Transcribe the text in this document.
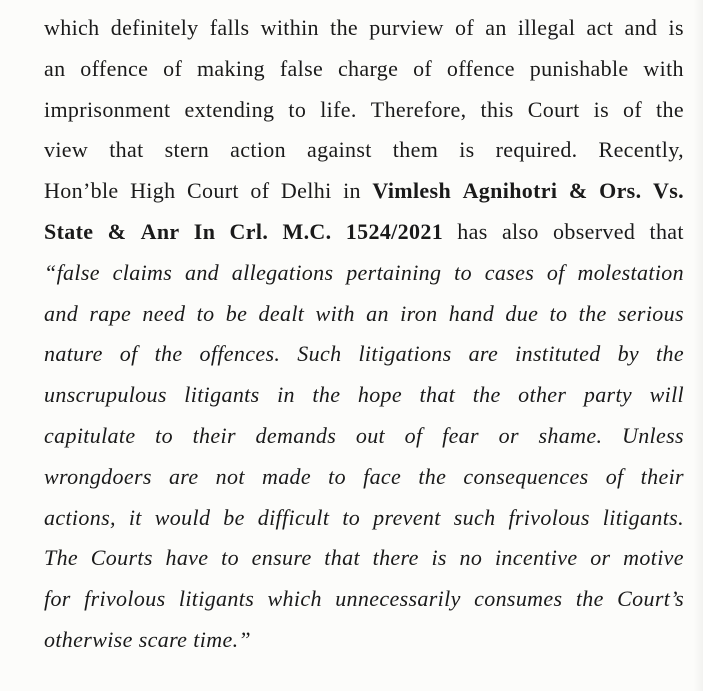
which definitely falls within the purview of an illegal act and is
an offence of making false charge of offence punishable with
imprisonment extending to life. Therefore, this Court is of the
view that stern action against them is required. Recently,
Hon’ble High Court of Delhi in Vimlesh Agnihotri & Ors. Vs.
State & Anr In Crl. M.C. 1524/2021 has also observed that
“false claims and allegations pertaining to cases of molestation
and rape need to be dealt with an iron hand due to the serious
nature of the offences. Such litigations are instituted by the
unscrupulous litigants in the hope that the other party will
capitulate to their demands out of fear or shame. Unless
wrongdoers are not made to face the consequences of their
actions, it would be difficult to prevent such frivolous litigants.
The Courts have to ensure that there is no incentive or motive
for frivolous litigants which unnecessarily consumes the Court’s
otherwise scare time.”
